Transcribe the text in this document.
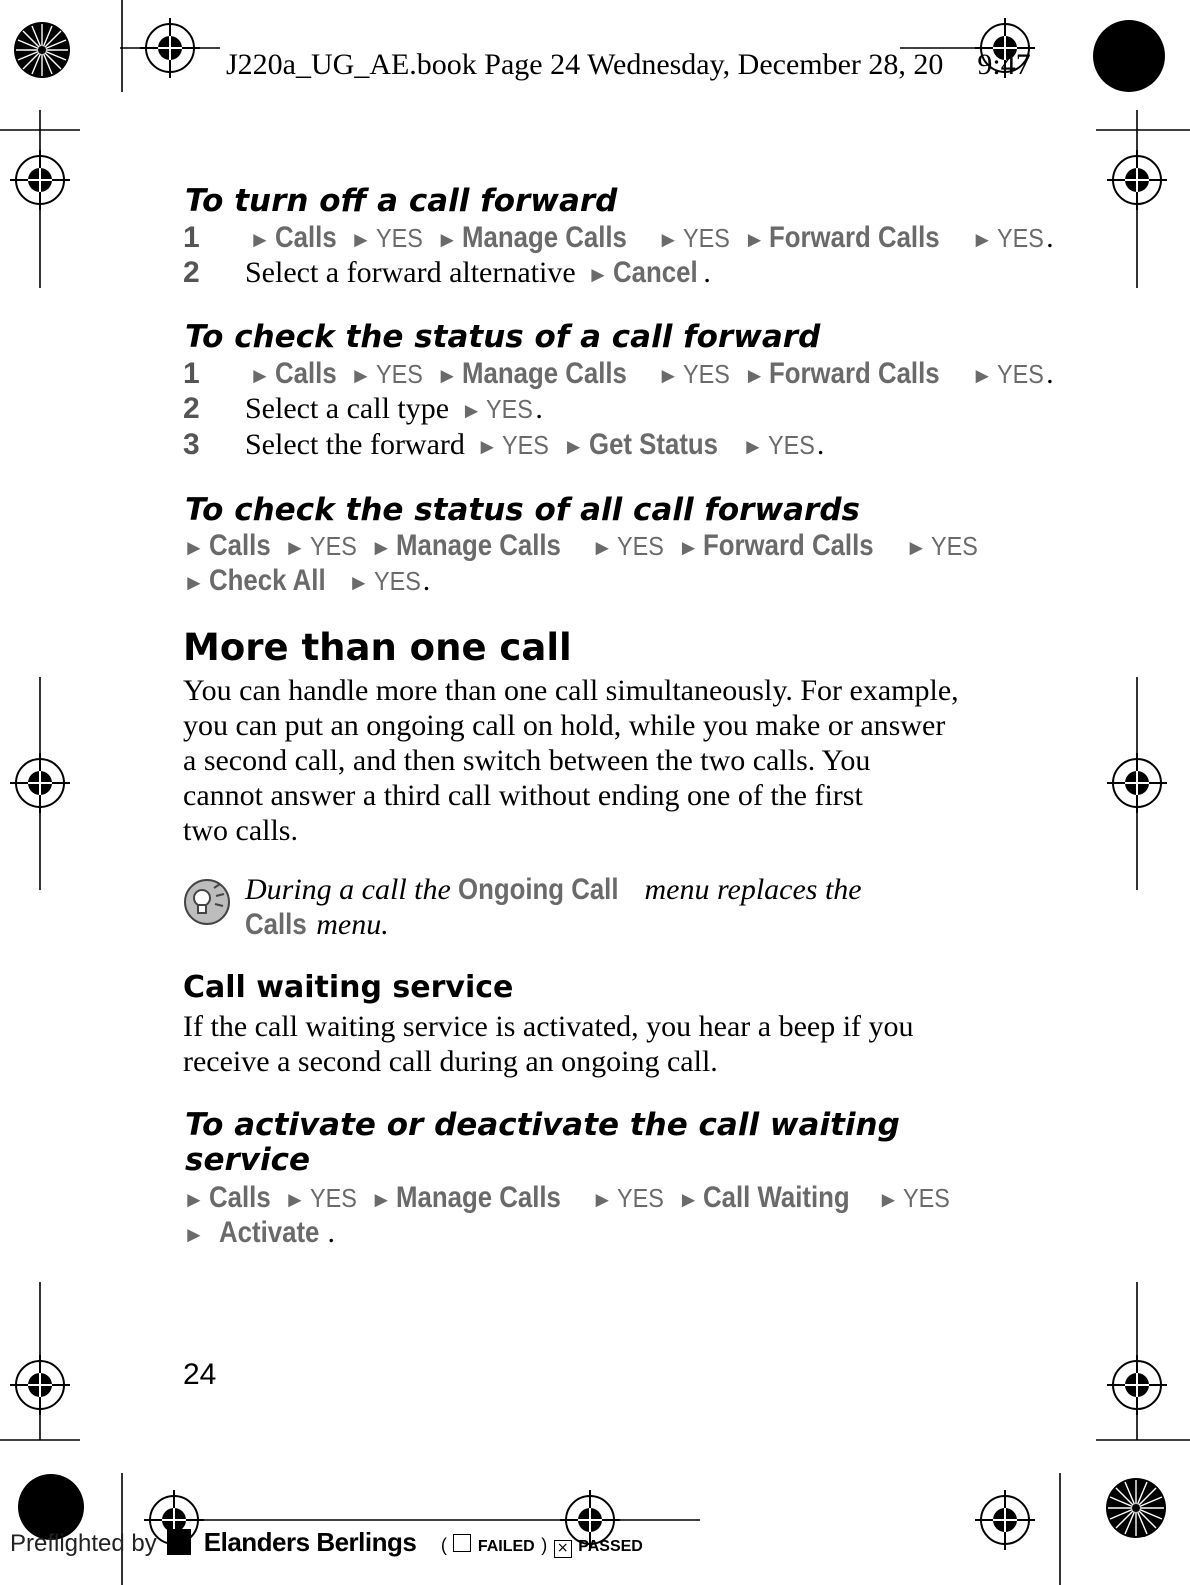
J220a_UG_AE.book Page 24 Wednesday, December 28, 20 9:47
To turn off a call forward
1 ► Calls ► YES ► Manage Calls ► YES ► Forward Calls ► YES.
2 Select a forward alternative ► Cancel .
To check the status of a call forward
1 ► Calls ► YES ► Manage Calls ► YES ► Forward Calls ► YES.
2 Select a call type ► YES.
3 Select the forward ► YES ► Get Status ► YES.
To check the status of all call forwards
► Calls ► YES ► Manage Calls ► YES ► Forward Calls ► YES
► Check All ► YES.
More than one call
You can handle more than one call simultaneously. For example,
you can put an ongoing call on hold, while you make or answer
a second call, and then switch between the two calls. You
cannot answer a third call without ending one of the first
two calls.
During a call the Ongoing Call menu replaces the
Calls menu.
Call waiting service
If the call waiting service is activated, you hear a beep if you
receive a second call during an ongoing call.
To activate or deactivate the call waiting
service
► Calls ► YES ► Manage Calls ► YES ► Call Waiting ► YES
► Activate .
24
Preflighted by Elanders Berlings ( FAILED ) × PASSED
